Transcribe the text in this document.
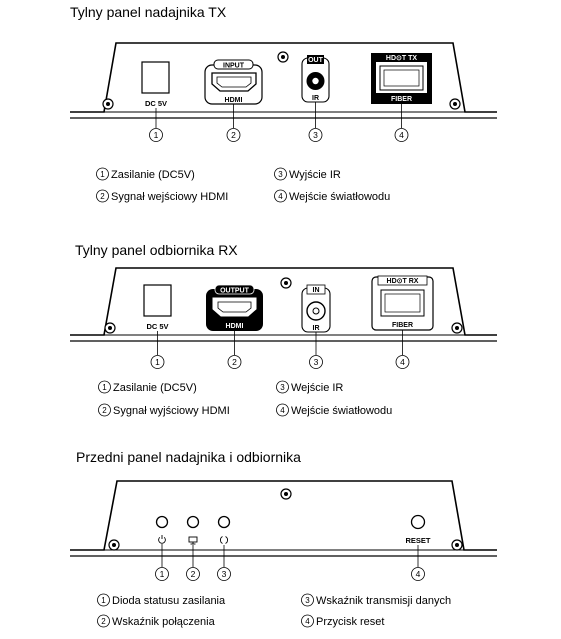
Tylny panel nadajnika TX
DC 5V
INPUT
HDMI
OUT
IR
HD⊙T TX
FIBER
1	2	3	4
1
2
3
4
Zasilanie (DC5V)
Sygnał wejściowy HDMI
Wyjście IR
Wejście światłowodu
Tylny panel odbiornika RX
DC 5V
OUTPUT
HDMI
IN
IR
HD⊙T RX
FIBER
1	2	3	4
1
2
3
4
Zasilanie (DC5V)
Sygnał wyjściowy HDMI
Wejście IR
Wejście światłowodu
Przedni panel nadajnika i odbiornika
RESET
1	2	3	4
1
2
3
4
Dioda statusu zasilania
Wskaźnik połączenia
Wskaźnik transmisji danych
Przycisk reset
